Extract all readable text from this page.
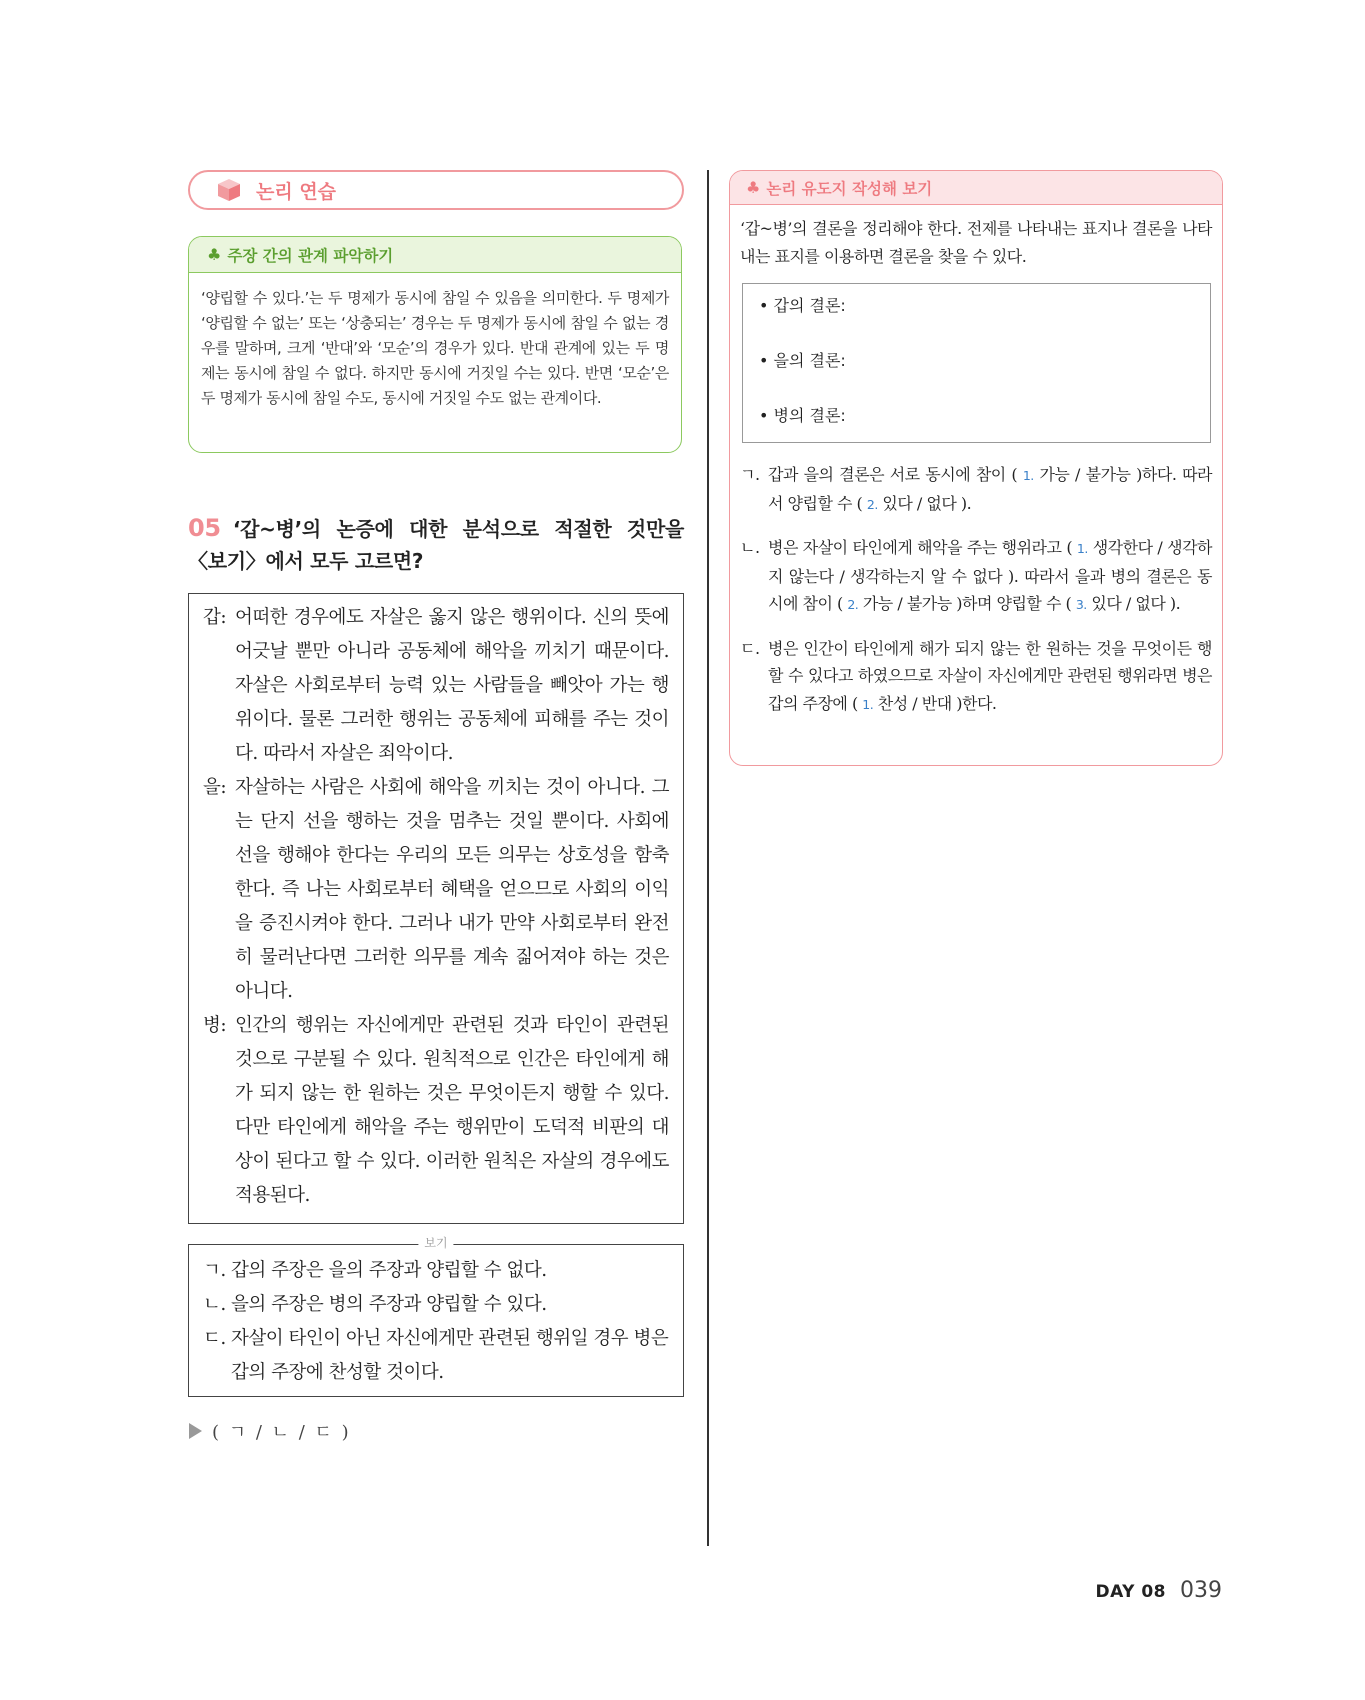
논리 연습
♣ 주장 간의 관계 파악하기
‘양립할 수 있다.’는 두 명제가 동시에 참일 수 있음을 의미한다. 두 명제가 ‘양립할 수 없는’ 또는 ‘상충되는’ 경우는 두 명제가 동시에 참일 수 없는 경우를 말하며, 크게 ‘반대’와 ‘모순’의 경우가 있다. 반대 관계에 있는 두 명제는 동시에 참일 수 없다. 하지만 동시에 거짓일 수는 있다. 반면 ‘모순’은 두 명제가 동시에 참일 수도, 동시에 거짓일 수도 없는 관계이다.
05 ‘갑~병’의 논증에 대한 분석으로 적절한 것만을 〈보기〉에서 모두 고르면?
갑: 어떠한 경우에도 자살은 옳지 않은 행위이다. 신의 뜻에 어긋날 뿐만 아니라 공동체에 해악을 끼치기 때문이다. 자살은 사회로부터 능력 있는 사람들을 빼앗아 가는 행위이다. 물론 그러한 행위는 공동체에 피해를 주는 것이다. 따라서 자살은 죄악이다.
을: 자살하는 사람은 사회에 해악을 끼치는 것이 아니다. 그는 단지 선을 행하는 것을 멈추는 것일 뿐이다. 사회에 선을 행해야 한다는 우리의 모든 의무는 상호성을 함축한다. 즉 나는 사회로부터 혜택을 얻으므로 사회의 이익을 증진시켜야 한다. 그러나 내가 만약 사회로부터 완전히 물러난다면 그러한 의무를 계속 짊어져야 하는 것은 아니다.
병: 인간의 행위는 자신에게만 관련된 것과 타인이 관련된 것으로 구분될 수 있다. 원칙적으로 인간은 타인에게 해가 되지 않는 한 원하는 것은 무엇이든지 행할 수 있다. 다만 타인에게 해악을 주는 행위만이 도덕적 비판의 대상이 된다고 할 수 있다. 이러한 원칙은 자살의 경우에도 적용된다.
보기
ㄱ. 갑의 주장은 을의 주장과 양립할 수 없다.
ㄴ. 을의 주장은 병의 주장과 양립할 수 있다.
ㄷ. 자살이 타인이 아닌 자신에게만 관련된 행위일 경우 병은 갑의 주장에 찬성할 것이다.
( ㄱ / ㄴ / ㄷ )
♣ 논리 유도지 작성해 보기
‘갑~병’의 결론을 정리해야 한다. 전제를 나타내는 표지나 결론을 나타내는 표지를 이용하면 결론을 찾을 수 있다.
• 갑의 결론:
• 을의 결론:
• 병의 결론:
ㄱ. 갑과 을의 결론은 서로 동시에 참이 ( 1. 가능 / 불가능 )하다. 따라서 양립할 수 ( 2. 있다 / 없다 ).
ㄴ. 병은 자살이 타인에게 해악을 주는 행위라고 ( 1. 생각한다 / 생각하지 않는다 / 생각하는지 알 수 없다 ). 따라서 을과 병의 결론은 동시에 참이 ( 2. 가능 / 불가능 )하며 양립할 수 ( 3. 있다 / 없다 ).
ㄷ. 병은 인간이 타인에게 해가 되지 않는 한 원하는 것을 무엇이든 행할 수 있다고 하였으므로 자살이 자신에게만 관련된 행위라면 병은 갑의 주장에 ( 1. 찬성 / 반대 )한다.
DAY 08 039
